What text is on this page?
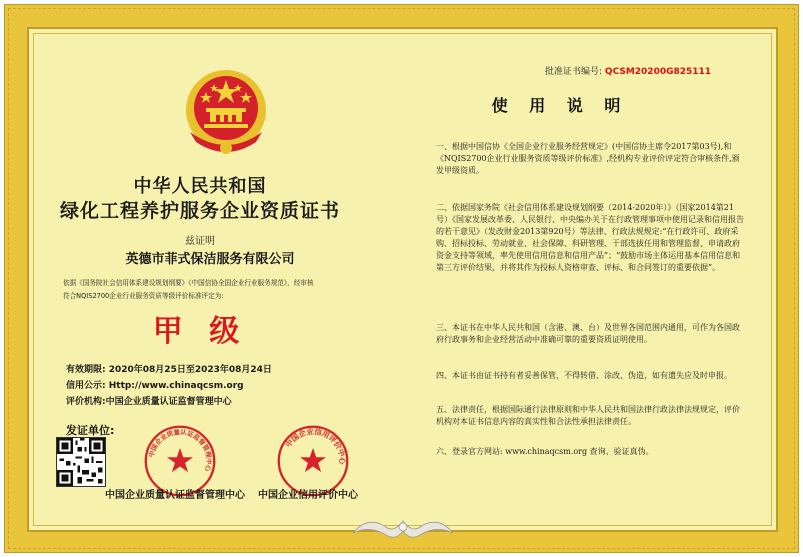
批准证书编号: QCSM20200G825111
中华人民共和国
绿化工程养护服务企业资质证书
兹证明
英德市菲式保洁服务有限公司
依据《国务院社会信用体系建设规划纲要》《中国信协全国企业行业服务规范》，经审核
符合NQIS2700企业行业服务资质等级评价标准评定为:
甲 级
有效期限: 2020年08月25日至2023年08月24日
信用公示: Http://www.chinaqcsm.org
评价机构:中国企业质量认证监督管理中心
发证单位:
中国企业质量认证监督管理中心
中国企业质量认证监督管理中心
中国企业信用评价中心
中国企业信用评价中心
使 用 说 明
一、根据中国信协《全国企业行业服务经营规定》(中国信协主席令2017第03号),和《NQIS2700企业行业服务资质等级评价标准》,经机构专业评价评定符合审核条件,颁发甲级资质。
二、依据国家务院《社会信用体系建设规划纲要（2014-2020年）》（国家2014第21号）《国家发展改革委、人民银行、中央编办关于在行政管理事项中使用记录和信用报告的若干意见》（发改财金2013第920号）等法律、行政法规规定:“在行政许可、政府采购、招标投标、劳动就业、社会保障、科研管理、干部选拔任用和管理监督、申请政府资金支持等领域，率先使用信用信息和信用产品”；“鼓励市场主体运用基本信用信息和第三方评价结果，并将其作为投标人资格审查、评标、和合同签订的重要依据”。
三、本证书在中华人民共和国（含港、澳、台）及世界各国范围内通用，可作为各国政府行政事务和企业经营活动中准确可靠的重要资质证明使用。
四、本证书由证书持有者妥善保管，不得转借、涂改、伪造，如有遗失应及时申报。
五、法律责任，根据国际通行法律原则和中华人民共和国法律行政法律法规规定，评价机构对本证书信息内容的真实性和合法性承担法律责任。
六、登录官方网站: www.chinaqcsm.org 查询、验证真伪。
